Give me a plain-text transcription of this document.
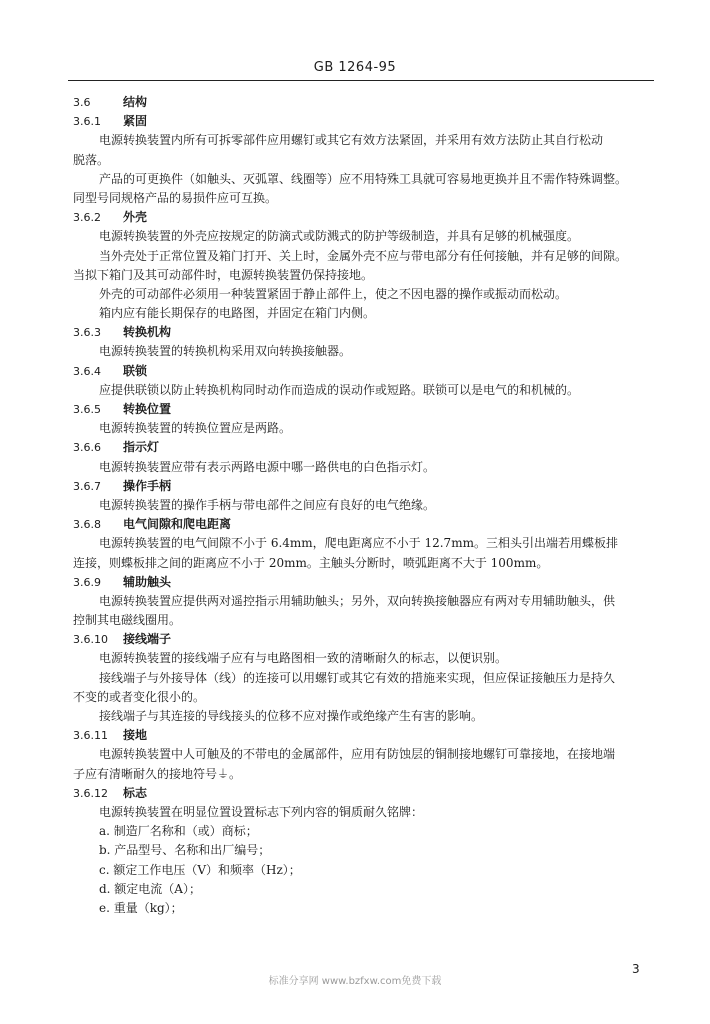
GB 1264-95
3.6	结构
3.6.1 紧固
电源转换装置内所有可拆零部件应用螺钉或其它有效方法紧固，并采用有效方法防止其自行松动
脱落。
产品的可更换件（如触头、灭弧罩、线圈等）应不用特殊工具就可容易地更换并且不需作特殊调整。
同型号同规格产品的易损件应可互换。
3.6.2 外壳
电源转换装置的外壳应按规定的防滴式或防溅式的防护等级制造，并具有足够的机械强度。
当外壳处于正常位置及箱门打开、关上时，金属外壳不应与带电部分有任何接触，并有足够的间隙。
当拟下箱门及其可动部件时，电源转换装置仍保持接地。
外壳的可动部件必须用一种装置紧固于静止部件上，使之不因电器的操作或振动而松动。
箱内应有能长期保存的电路图，并固定在箱门内侧。
3.6.3 转换机构
电源转换装置的转换机构采用双向转换接触器。
3.6.4 联锁
应提供联锁以防止转换机构同时动作而造成的误动作或短路。联锁可以是电气的和机械的。
3.6.5 转换位置
电源转换装置的转换位置应是两路。
3.6.6 指示灯
电源转换装置应带有表示两路电源中哪一路供电的白色指示灯。
3.6.7 操作手柄
电源转换装置的操作手柄与带电部件之间应有良好的电气绝缘。
3.6.8 电气间隙和爬电距离
电源转换装置的电气间隙不小于 6.4mm，爬电距离应不小于 12.7mm。三相头引出端若用蝶板排
连接，则蝶板排之间的距离应不小于 20mm。主触头分断时，喷弧距离不大于 100mm。
3.6.9 辅助触头
电源转换装置应提供两对遥控指示用辅助触头；另外，双向转换接触器应有两对专用辅助触头，供
控制其电磁线圈用。
3.6.10 接线端子
电源转换装置的接线端子应有与电路图相一致的清晰耐久的标志，以便识别。
接线端子与外接导体（线）的连接可以用螺钉或其它有效的措施来实现，但应保证接触压力是持久
不变的或者变化很小的。
接线端子与其连接的导线接头的位移不应对操作或绝缘产生有害的影响。
3.6.11 接地
电源转换装置中人可触及的不带电的金属部件，应用有防蚀层的铜制接地螺钉可靠接地，在接地端
子应有清晰耐久的接地符号⏚。
3.6.12 标志
电源转换装置在明显位置设置标志下列内容的铜质耐久铭牌：
a. 制造厂名称和（或）商标；
b. 产品型号、名称和出厂编号；
c. 额定工作电压（V）和频率（Hz）；
d. 额定电流（A）；
e. 重量（kg）；
3
标准分享网 www.bzfxw.com免费下载
